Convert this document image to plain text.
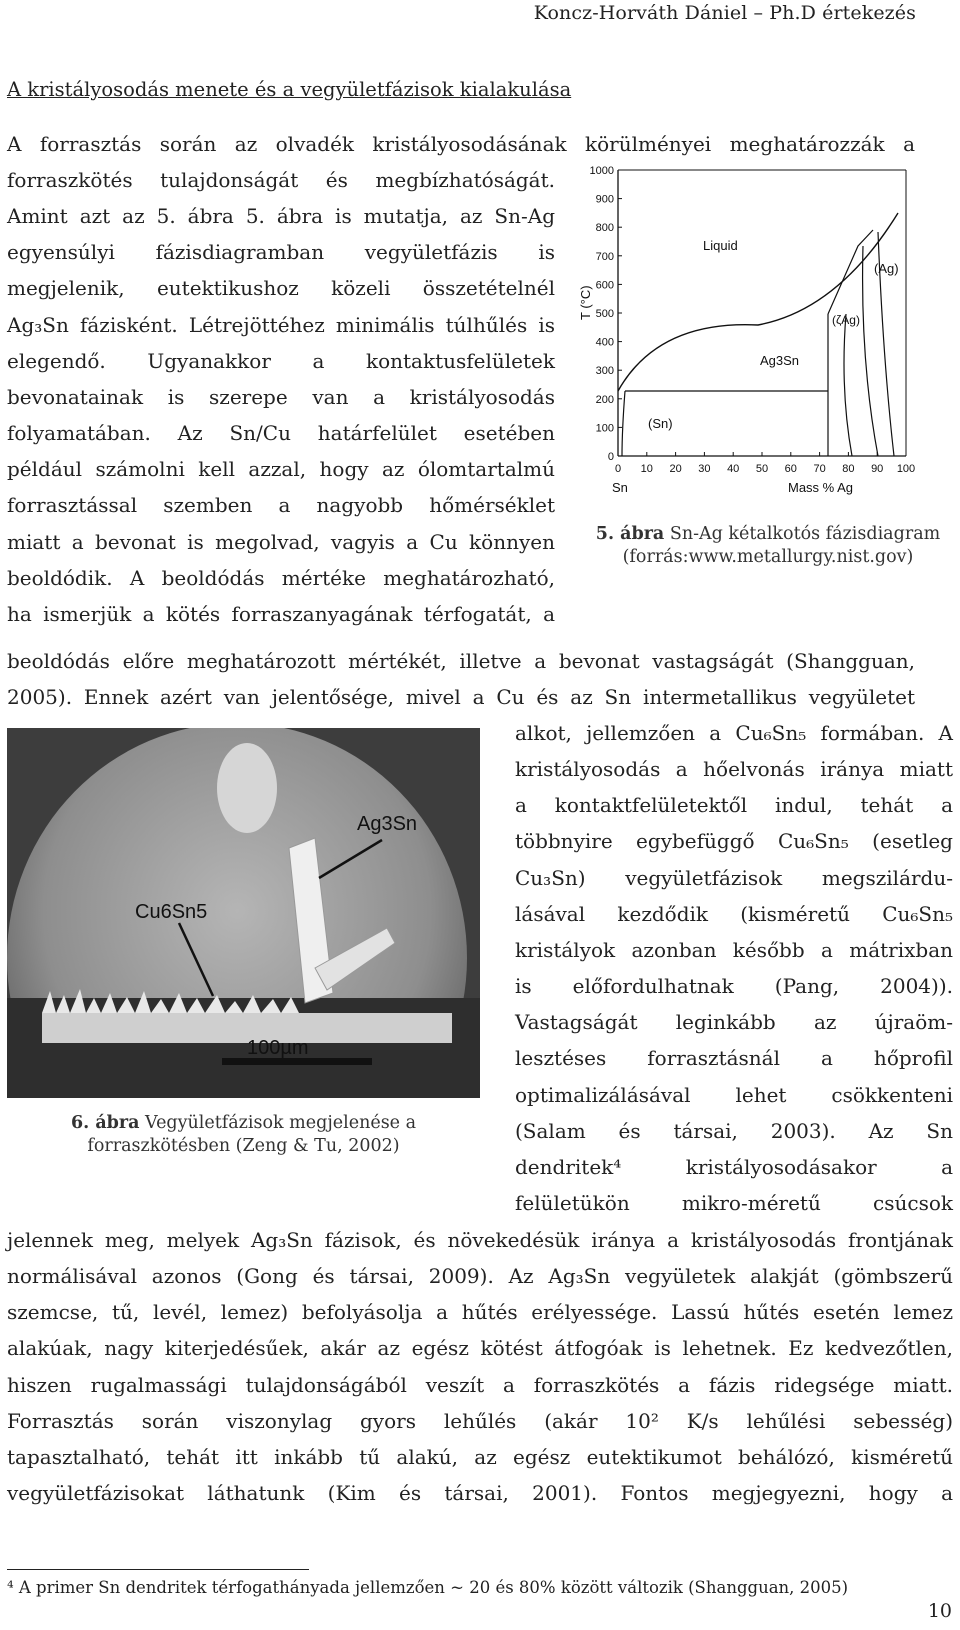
Koncz-Horváth Dániel – Ph.D értekezés
A kristályosodás menete és a vegyületfázisok kialakulása
A forrasztás során az olvadék kristályosodásának körülményei meghatározzák a
forraszkötés tulajdonságát és megbízhatóságát.
Amint azt az 5. ábra 5. ábra is mutatja, az Sn-Ag
egyensúlyi fázisdiagramban vegyületfázis is
megjelenik, eutektikushoz közeli összetételnél
Ag₃Sn fázisként. Létrejöttéhez minimális túlhűlés is
elegendő. Ugyanakkor a kontaktusfelületek
bevonatainak is szerepe van a kristályosodás
folyamatában. Az Sn/Cu határfelület esetében
például számolni kell azzal, hogy az ólomtartalmú
forrasztással szemben a nagyobb hőmérséklet
miatt a bevonat is megolvad, vagyis a Cu könnyen
beoldódik. A beoldódás mértéke meghatározható,
ha ismerjük a kötés forraszanyagának térfogatát, a
beoldódás előre meghatározott mértékét, illetve a bevonat vastagságát (Shangguan,
2005). Ennek azért van jelentősége, mivel a Cu és az Sn intermetallikus vegyületet
0
100
200
300
400
500
600
700
800
900
1000
0 10 20 30 40 50 60 70 80 90 100
T (°C)
Mass % Ag
Sn
Liquid
(Ag)
(ζAg)
Ag3Sn
(Sn)
5. ábra Sn-Ag kétalkotós fázisdiagram
(forrás:www.metallurgy.nist.gov)
Ag3Sn
Cu6Sn5
100µm
6. ábra Vegyületfázisok megjelenése a
forraszkötésben (Zeng & Tu, 2002)
alkot, jellemzően a Cu₆Sn₅ formában. A
kristályosodás a hőelvonás iránya miatt
a kontaktfelületektől indul, tehát a
többnyire egybefüggő Cu₆Sn₅ (esetleg
Cu₃Sn) vegyületfázisok megszilárdu-
lásával kezdődik (kisméretű Cu₆Sn₅
kristályok azonban később a mátrixban
is előfordulhatnak (Pang, 2004)).
Vastagságát leginkább az újraöm-
lesztéses forrasztásnál a hőprofil
optimalizálásával lehet csökkenteni
(Salam és társai, 2003). Az Sn
dendritek⁴ kristályosodásakor a
felületükön mikro-méretű csúcsok
jelennek meg, melyek Ag₃Sn fázisok, és növekedésük iránya a kristályosodás frontjának
normálisával azonos (Gong és társai, 2009). Az Ag₃Sn vegyületek alakját (gömbszerű
szemcse, tű, levél, lemez) befolyásolja a hűtés erélyessége. Lassú hűtés esetén lemez
alakúak, nagy kiterjedésűek, akár az egész kötést átfogóak is lehetnek. Ez kedvezőtlen,
hiszen rugalmassági tulajdonságából veszít a forraszkötés a fázis ridegsége miatt.
Forrasztás során viszonylag gyors lehűlés (akár 10² K/s lehűlési sebesség)
tapasztalható, tehát itt inkább tű alakú, az egész eutektikumot behálózó, kisméretű
vegyületfázisokat láthatunk (Kim és társai, 2001). Fontos megjegyezni, hogy a
⁴ A primer Sn dendritek térfogathányada jellemzően ~ 20 és 80% között változik (Shangguan, 2005)
10
